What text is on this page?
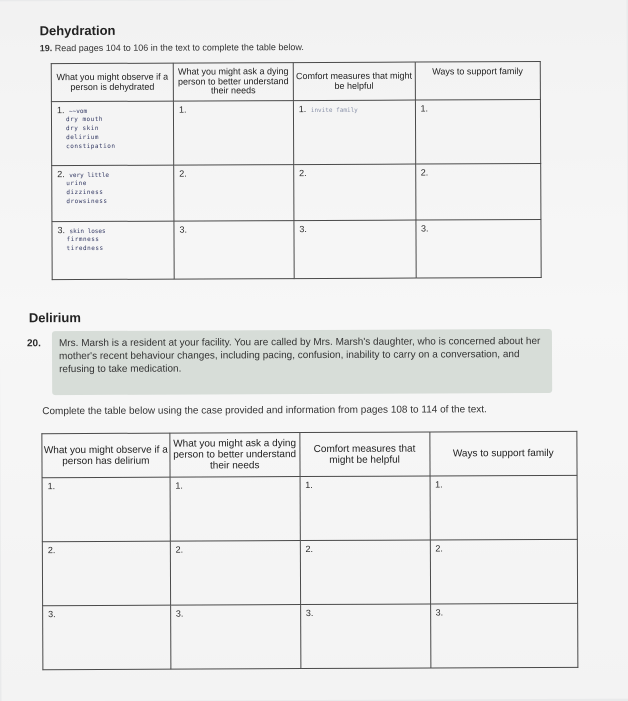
Dehydration
19. Read pages 104 to 106 in the text to complete the table below.
What you might observe if a person is dehydrated	What you might ask a dying person to better understand their needs	Comfort measures that might be helpful	Ways to support family

1. ~~vom
dry mouth
dry skin
delirium
constipation	1.	1. invite family	1.

2. very little
urine
dizziness
drowsiness	2.	2.	2.

3. skin loses
firmness
tiredness	3.	3.	3.
Delirium
20. Mrs. Marsh is a resident at your facility. You are called by Mrs. Marsh's daughter, who is concerned about her mother's recent behaviour changes, including pacing, confusion, inability to carry on a conversation, and refusing to take medication.
Complete the table below using the case provided and information from pages 108 to 114 of the text.
What you might observe if a person has delirium	What you might ask a dying person to better understand their needs	Comfort measures that might be helpful	Ways to support family

1.	1.	1.	1.

2.	2.	2.	2.

3.	3.	3.	3.
